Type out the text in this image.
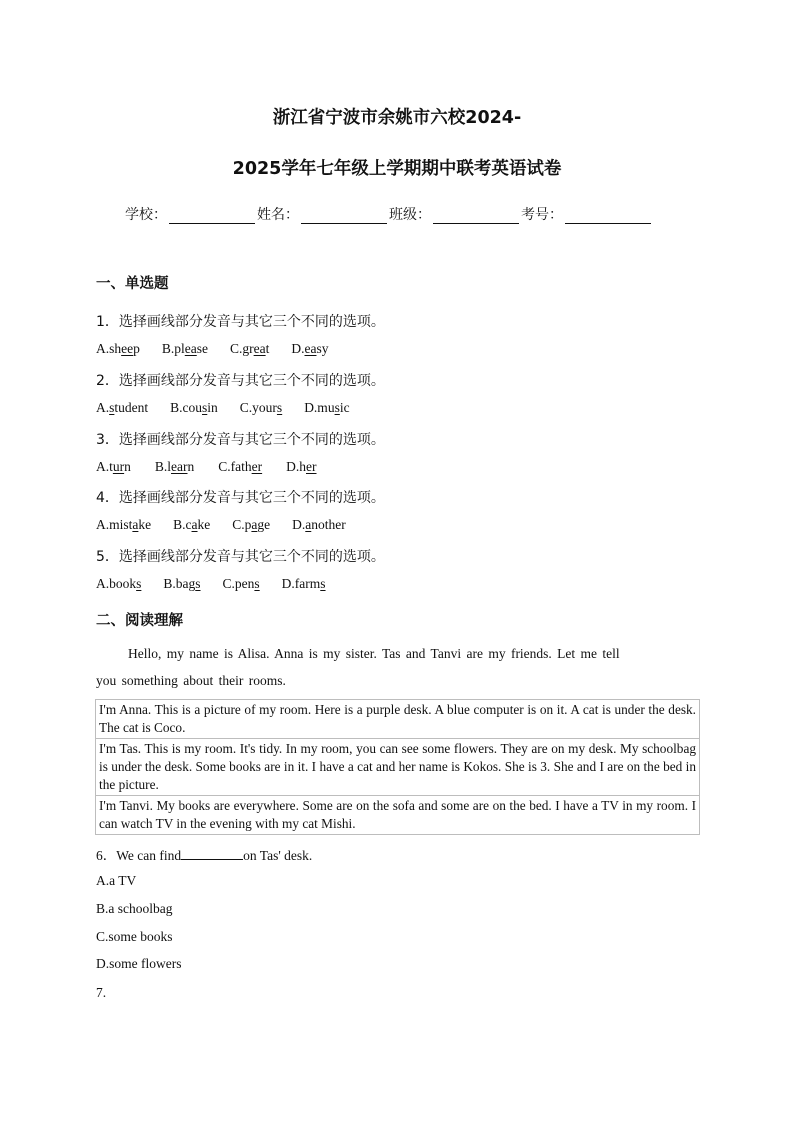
浙江省宁波市余姚市六校2024-
2025学年七年级上学期期中联考英语试卷
学校：	姓名：	班级：	考号：
一、单选题
1．选择画线部分发音与其它三个不同的选项。
A.sheep B.please C.great D.easy
2．选择画线部分发音与其它三个不同的选项。
A.student B.cousin C.yours D.music
3．选择画线部分发音与其它三个不同的选项。
A.turn B.learn C.father D.her
4．选择画线部分发音与其它三个不同的选项。
A.mistake B.cake C.page D.another
5．选择画线部分发音与其它三个不同的选项。
A.books B.bags C.pens D.farms
二、阅读理解
Hello, my name is Alisa. Anna is my sister. Tas and Tanvi are my friends. Let me tell
you something about their rooms.
I'm Anna. This is a picture of my room. Here is a purple desk. A blue computer is on it. A cat is under the desk. The cat is Coco.
I'm Tas. This is my room. It's tidy. In my room, you can see some flowers. They are on my desk. My schoolbag is under the desk. Some books are in it. I have a cat and her name is Kokos. She is 3. She and I are on the bed in the picture.
I'm Tanvi. My books are everywhere. Some are on the sofa and some are on the bed. I have a TV in my room. I can watch TV in the evening with my cat Mishi.
6．We can find	on Tas' desk.
A.a TV
B.a schoolbag
C.some books
D.some flowers
7.
